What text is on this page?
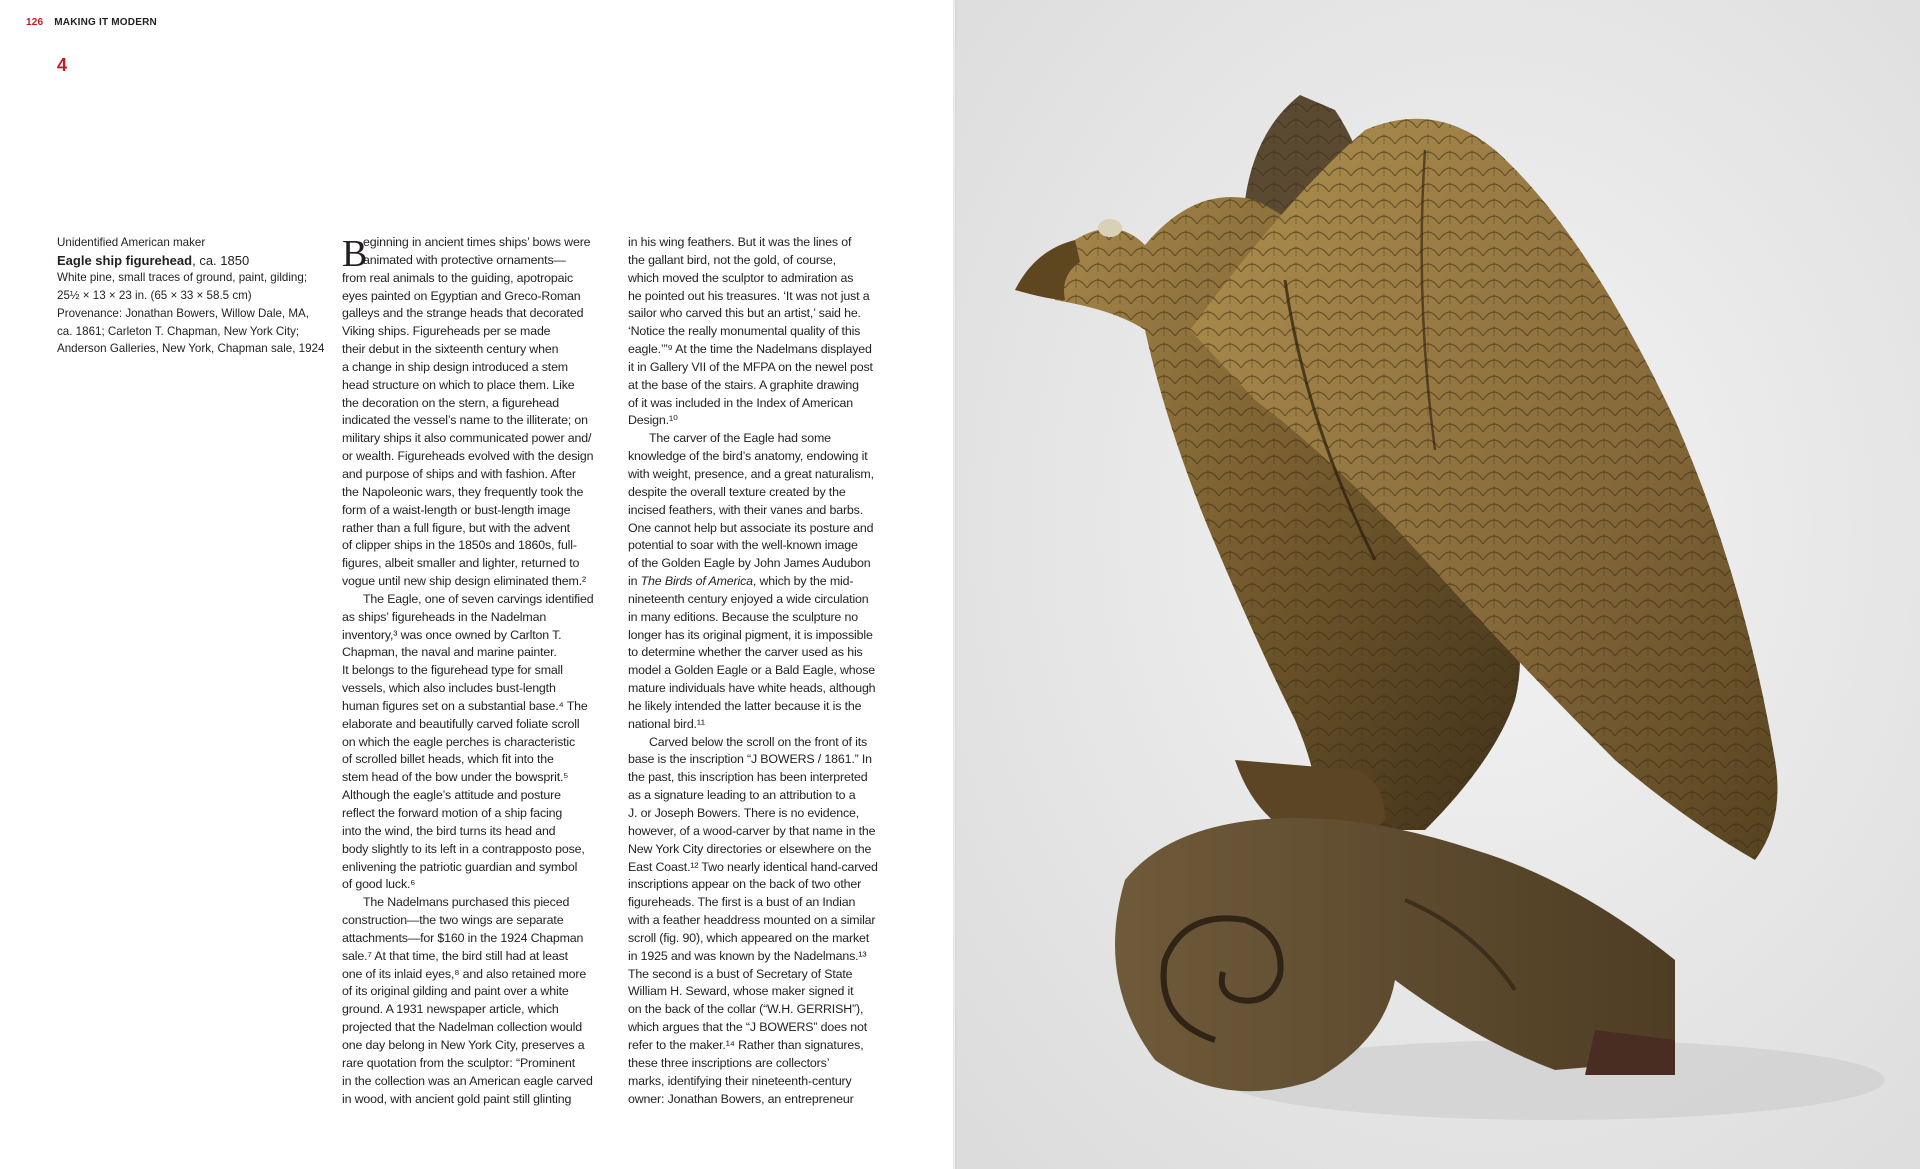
126 MAKING IT MODERN
4
Unidentified American maker
Eagle ship figurehead, ca. 1850
White pine, small traces of ground, paint, gilding;
25½ × 13 × 23 in. (65 × 33 × 58.5 cm)
Provenance: Jonathan Bowers, Willow Dale, MA,
ca. 1861; Carleton T. Chapman, New York City;
Anderson Galleries, New York, Chapman sale, 1924
B
eginning in ancient times ships’ bows were
animated with protective ornaments—
from real animals to the guiding, apotropaic
eyes painted on Egyptian and Greco-Roman
galleys and the strange heads that decorated
Viking ships. Figureheads per se made
their debut in the sixteenth century when
a change in ship design introduced a stem
head structure on which to place them. Like
the decoration on the stern, a figurehead
indicated the vessel’s name to the illiterate; on
military ships it also communicated power and/
or wealth. Figureheads evolved with the design
and purpose of ships and with fashion. After
the Napoleonic wars, they frequently took the
form of a waist-length or bust-length image
rather than a full figure, but with the advent
of clipper ships in the 1850s and 1860s, full-
figures, albeit smaller and lighter, returned to
vogue until new ship design eliminated them.²
The Eagle, one of seven carvings identified
as ships’ figureheads in the Nadelman
inventory,³ was once owned by Carlton T.
Chapman, the naval and marine painter.
It belongs to the figurehead type for small
vessels, which also includes bust-length
human figures set on a substantial base.⁴ The
elaborate and beautifully carved foliate scroll
on which the eagle perches is characteristic
of scrolled billet heads, which fit into the
stem head of the bow under the bowsprit.⁵
Although the eagle’s attitude and posture
reflect the forward motion of a ship facing
into the wind, the bird turns its head and
body slightly to its left in a contrapposto pose,
enlivening the patriotic guardian and symbol
of good luck.⁶
The Nadelmans purchased this pieced
construction—the two wings are separate
attachments—for $160 in the 1924 Chapman
sale.⁷ At that time, the bird still had at least
one of its inlaid eyes,⁸ and also retained more
of its original gilding and paint over a white
ground. A 1931 newspaper article, which
projected that the Nadelman collection would
one day belong in New York City, preserves a
rare quotation from the sculptor: “Prominent
in the collection was an American eagle carved
in wood, with ancient gold paint still glinting
in his wing feathers. But it was the lines of
the gallant bird, not the gold, of course,
which moved the sculptor to admiration as
he pointed out his treasures. ‘It was not just a
sailor who carved this but an artist,’ said he.
‘Notice the really monumental quality of this
eagle.’”⁹ At the time the Nadelmans displayed
it in Gallery VII of the MFPA on the newel post
at the base of the stairs. A graphite drawing
of it was included in the Index of American
Design.¹⁰
The carver of the Eagle had some
knowledge of the bird’s anatomy, endowing it
with weight, presence, and a great naturalism,
despite the overall texture created by the
incised feathers, with their vanes and barbs.
One cannot help but associate its posture and
potential to soar with the well-known image
of the Golden Eagle by John James Audubon
in The Birds of America, which by the mid-
nineteenth century enjoyed a wide circulation
in many editions. Because the sculpture no
longer has its original pigment, it is impossible
to determine whether the carver used as his
model a Golden Eagle or a Bald Eagle, whose
mature individuals have white heads, although
he likely intended the latter because it is the
national bird.¹¹
Carved below the scroll on the front of its
base is the inscription “J BOWERS / 1861.” In
the past, this inscription has been interpreted
as a signature leading to an attribution to a
J. or Joseph Bowers. There is no evidence,
however, of a wood-carver by that name in the
New York City directories or elsewhere on the
East Coast.¹² Two nearly identical hand-carved
inscriptions appear on the back of two other
figureheads. The first is a bust of an Indian
with a feather headdress mounted on a similar
scroll (fig. 90), which appeared on the market
in 1925 and was known by the Nadelmans.¹³
The second is a bust of Secretary of State
William H. Seward, whose maker signed it
on the back of the collar (“W.H. GERRISH”),
which argues that the “J BOWERS” does not
refer to the maker.¹⁴ Rather than signatures,
these three inscriptions are collectors’
marks, identifying their nineteenth-century
owner: Jonathan Bowers, an entrepreneur
